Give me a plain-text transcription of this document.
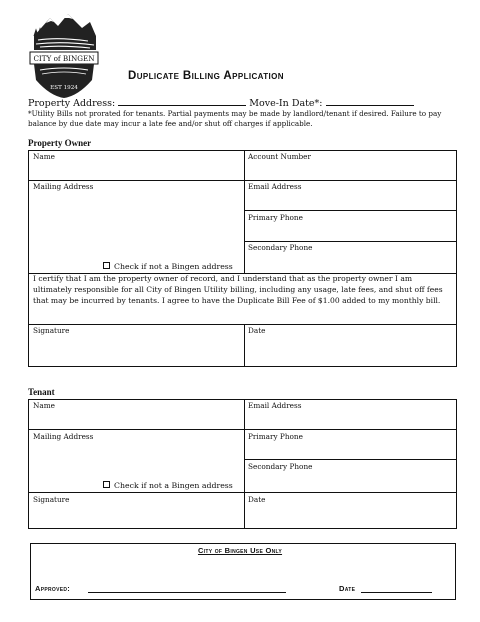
CITY of BINGEN
EST 1924
Duplicate Billing Application
Property Address:	Move-In Date*:
*Utility Bills not prorated for tenants. Partial payments may be made by landlord/tenant if desired. Failure to pay balance by due date may incur a late fee and/or shut off charges if applicable.
Property Owner
Name	Account Number
Mailing Address	Email Address
Primary Phone
Secondary Phone
Check if not a Bingen address
I certify that I am the property owner of record, and I understand that as the property owner I am ultimately responsible for all City of Bingen Utility billing, including any usage, late fees, and shut off fees that may be incurred by tenants. I agree to have the Duplicate Bill Fee of $1.00 added to my monthly bill.
Signature	Date
Tenant
Name	Email Address
Mailing Address	Primary Phone
Secondary Phone
Check if not a Bingen address
Signature	Date
City of Bingen Use Only
Approved:	Date
